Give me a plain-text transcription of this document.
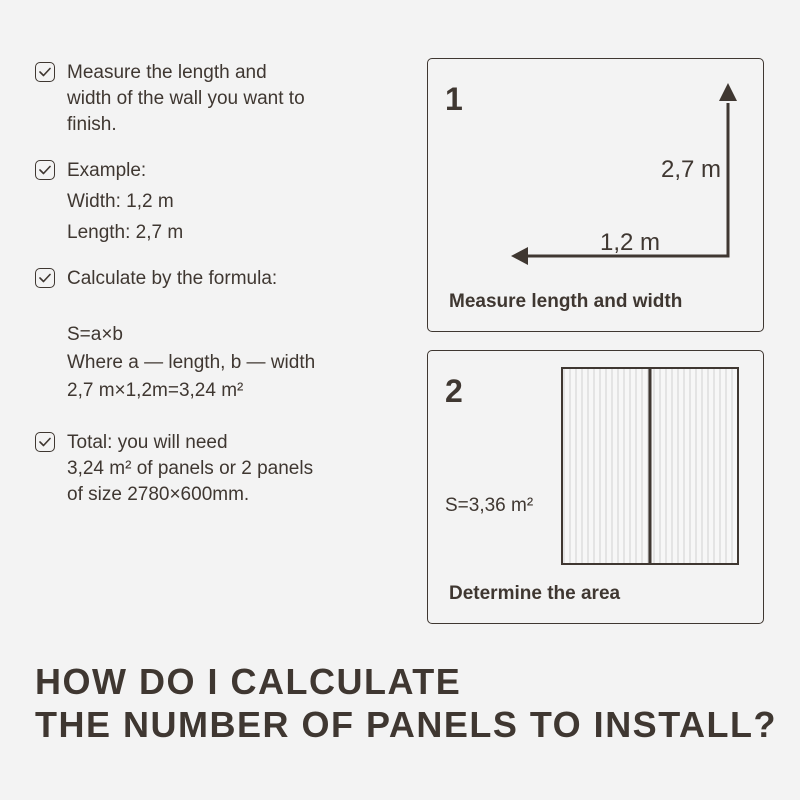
Measure the length and
width of the wall you want to
finish.
Example:
Width: 1,2 m
Length: 2,7 m
Calculate by the formula:
S=a×b
Where a — length, b — width
2,7 m×1,2m=3,24 m²
Total: you will need
3,24 m² of panels or 2 panels
of size 2780×600mm.
1
2,7 m
1,2 m
Measure length and width
2
S=3,36 m²
Determine the area
HOW DO I CALCULATE
THE NUMBER OF PANELS TO INSTALL?
